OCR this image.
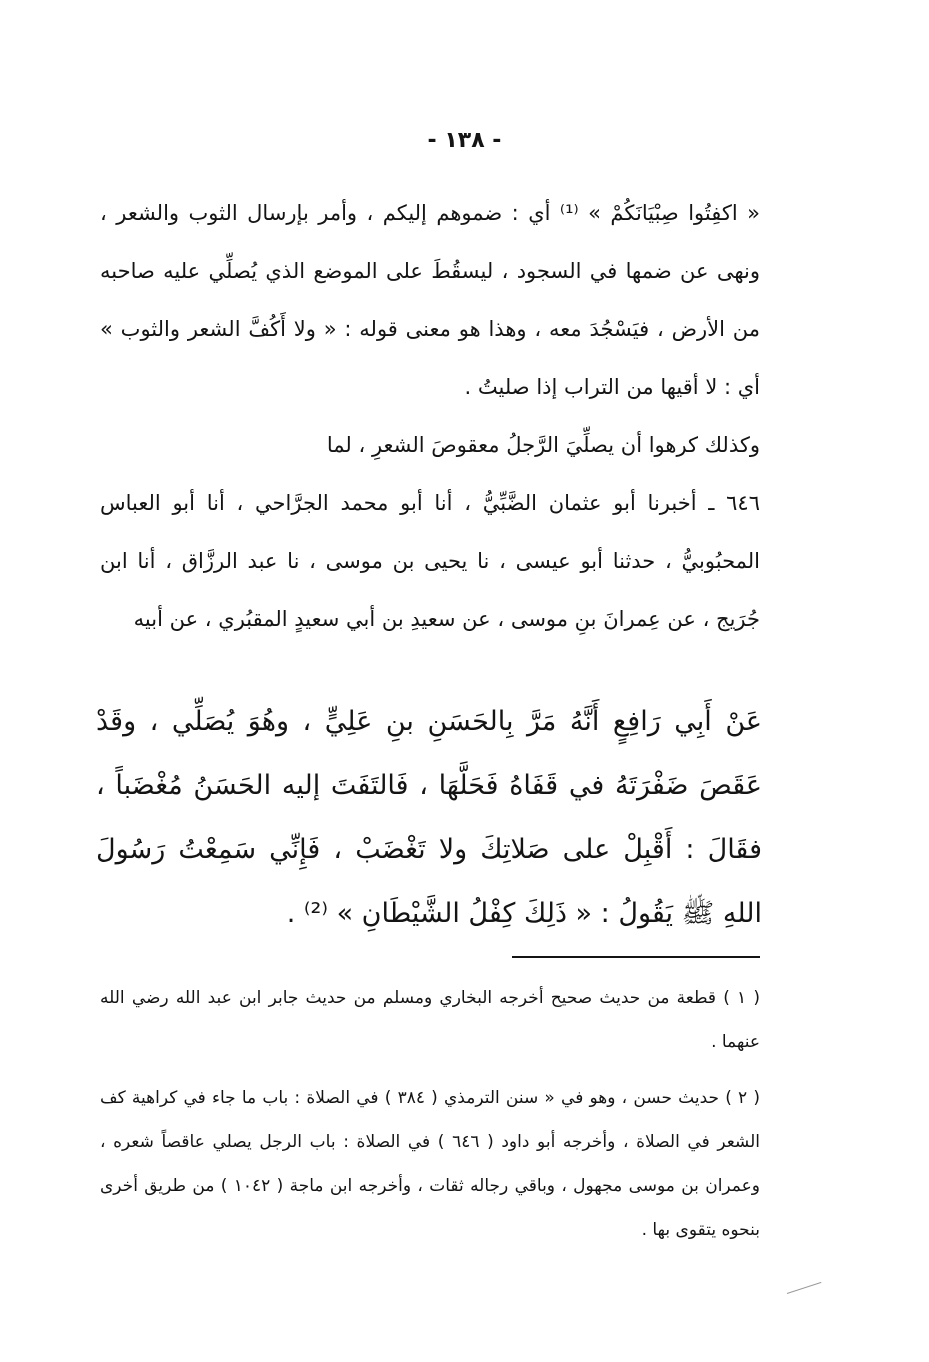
- ١٣٨ -

« اكفِتُوا صِبْيَانَكُمْ » ⁽¹⁾ أي : ضموهم إليكم ، وأمر بإرسال الثوب والشعر ، ونهى عن ضمها في السجود ، ليسقُطَ على الموضع الذي يُصلِّي عليه صاحبه من الأرض ، فيَسْجُدَ معه ، وهذا هو معنى قوله : « ولا أَكُفَّ الشعر والثوب » أي : لا أقيها من التراب إذا صليتُ .

وكذلك كرهوا أن يصلِّيَ الرَّجلُ معقوصَ الشعرِ ، لما

٦٤٦ ـ أخبرنا أبو عثمان الضَّبِّيُّ ، أنا أبو محمد الجرَّاحي ، أنا أبو العباس المحبُوبيُّ ، حدثنا أبو عيسى ، نا يحيى بن موسى ، نا عبد الرزَّاق ، أنا ابن جُرَيج ، عن عِمرانَ بنِ موسى ، عن سعيدِ بن أبي سعيدٍ المقبُري ، عن أبيه

عَنْ أَبِي رَافِعٍ أَنَّهُ مَرَّ بِالحَسَنِ بنِ عَلِيٍّ ، وهُوَ يُصَلِّي ، وقَدْ عَقَصَ ضَفْرَتَهُ في قَفَاهُ فَحَلَّهَا ، فَالتَفَتَ إليه الحَسَنُ مُغْضَباً ، فقَالَ : أَقْبِلْ على صَلاتِكَ ولا تَغْضَبْ ، فَإِنِّي سَمِعْتُ رَسُولَ اللهِ ﷺ يَقُولُ : « ذَلِكَ كِفْلُ الشَّيْطَانِ » ⁽²⁾ .

( ١ ) قطعة من حديث صحيح أخرجه البخاري ومسلم من حديث جابر ابن عبد الله رضي الله عنهما .

( ٢ ) حديث حسن ، وهو في « سنن الترمذي ( ٣٨٤ ) في الصلاة : باب ما جاء في كراهية كف الشعر في الصلاة ، وأخرجه أبو داود ( ٦٤٦ ) في الصلاة : باب الرجل يصلي عاقصاً شعره ، وعمران بن موسى مجهول ، وباقي رجاله ثقات ، وأخرجه ابن ماجة ( ١٠٤٢ ) من طريق أخرى بنحوه يتقوى بها .
